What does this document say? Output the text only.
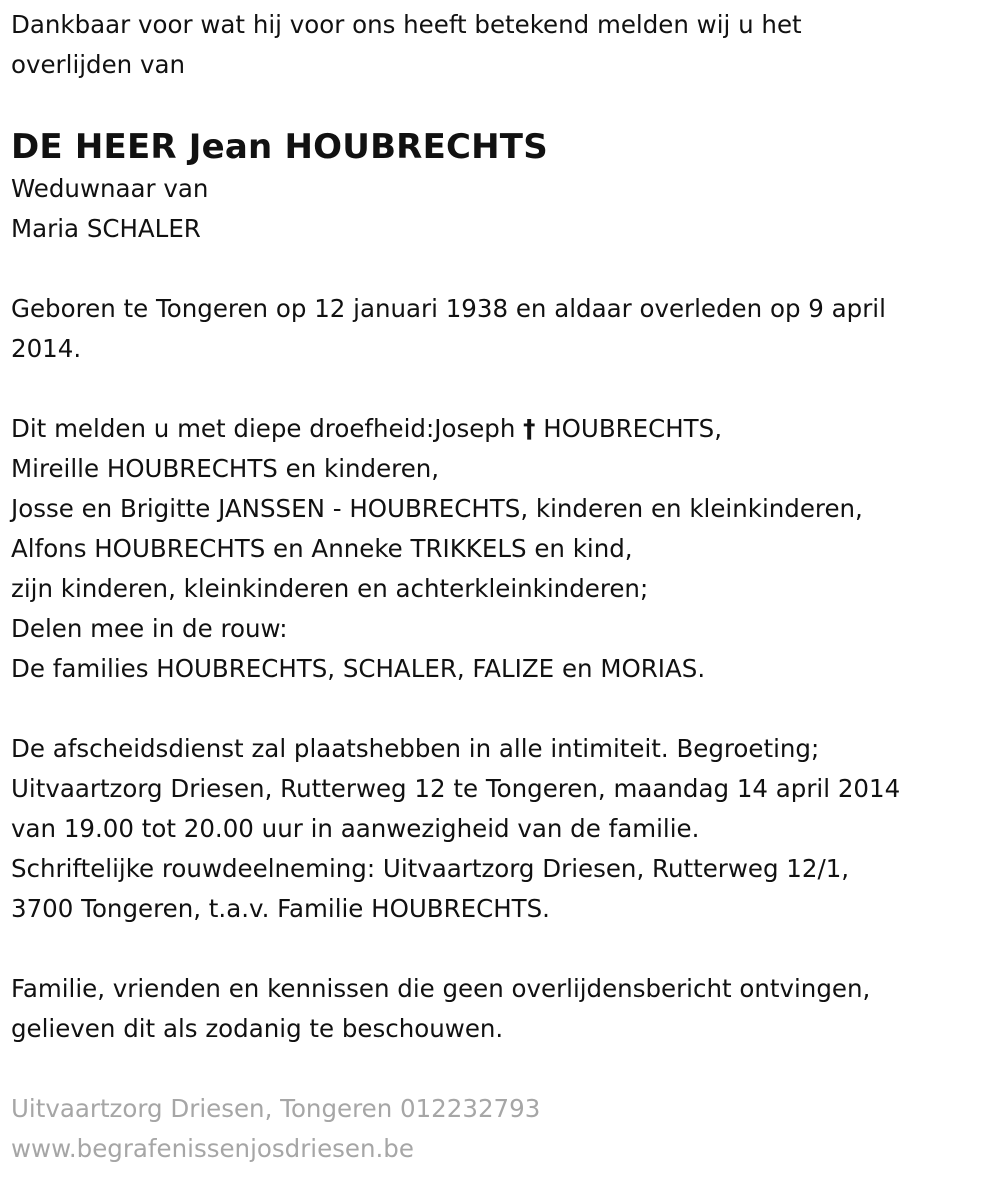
Dankbaar voor wat hij voor ons heeft betekend melden wij u het
overlijden van
DE HEER Jean HOUBRECHTS
Weduwnaar van
Maria SCHALER
Geboren te Tongeren op 12 januari 1938 en aldaar overleden op 9 april
2014.
Dit melden u met diepe droefheid:Joseph † HOUBRECHTS,
Mireille HOUBRECHTS en kinderen,
Josse en Brigitte JANSSEN - HOUBRECHTS, kinderen en kleinkinderen,
Alfons HOUBRECHTS en Anneke TRIKKELS en kind,
zijn kinderen, kleinkinderen en achterkleinkinderen;
Delen mee in de rouw:
De families HOUBRECHTS, SCHALER, FALIZE en MORIAS.
De afscheidsdienst zal plaatshebben in alle intimiteit. Begroeting;
Uitvaartzorg Driesen, Rutterweg 12 te Tongeren, maandag 14 april 2014
van 19.00 tot 20.00 uur in aanwezigheid van de familie.
Schriftelijke rouwdeelneming: Uitvaartzorg Driesen, Rutterweg 12/1,
3700 Tongeren, t.a.v. Familie HOUBRECHTS.
Familie, vrienden en kennissen die geen overlijdensbericht ontvingen,
gelieven dit als zodanig te beschouwen.
Uitvaartzorg Driesen, Tongeren 012232793
www.begrafenissenjosdriesen.be
